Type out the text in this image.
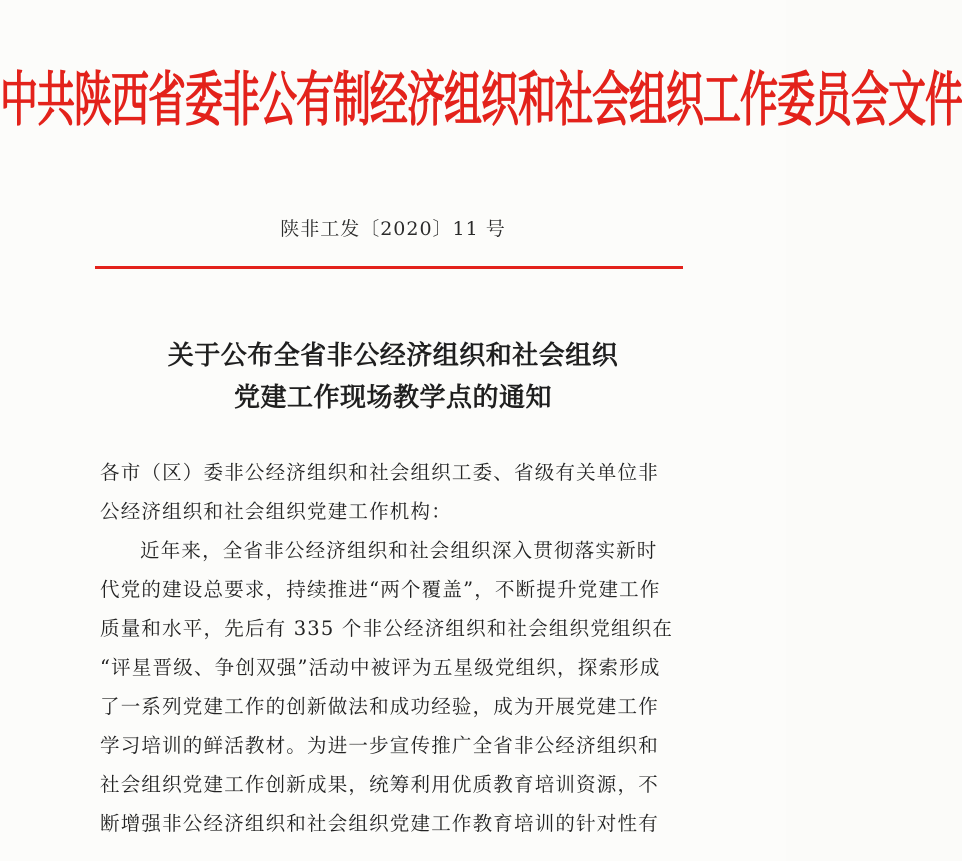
中共陕西省委非公有制经济组织和社会组织工作委员会文件
陕非工发〔2020〕11 号
关于公布全省非公经济组织和社会组织
党建工作现场教学点的通知
各市（区）委非公经济组织和社会组织工委、省级有关单位非
公经济组织和社会组织党建工作机构：
近年来，全省非公经济组织和社会组织深入贯彻落实新时
代党的建设总要求，持续推进“两个覆盖”，不断提升党建工作
质量和水平，先后有 335 个非公经济组织和社会组织党组织在
“评星晋级、争创双强”活动中被评为五星级党组织，探索形成
了一系列党建工作的创新做法和成功经验，成为开展党建工作
学习培训的鲜活教材。为进一步宣传推广全省非公经济组织和
社会组织党建工作创新成果，统筹利用优质教育培训资源，不
断增强非公经济组织和社会组织党建工作教育培训的针对性有
